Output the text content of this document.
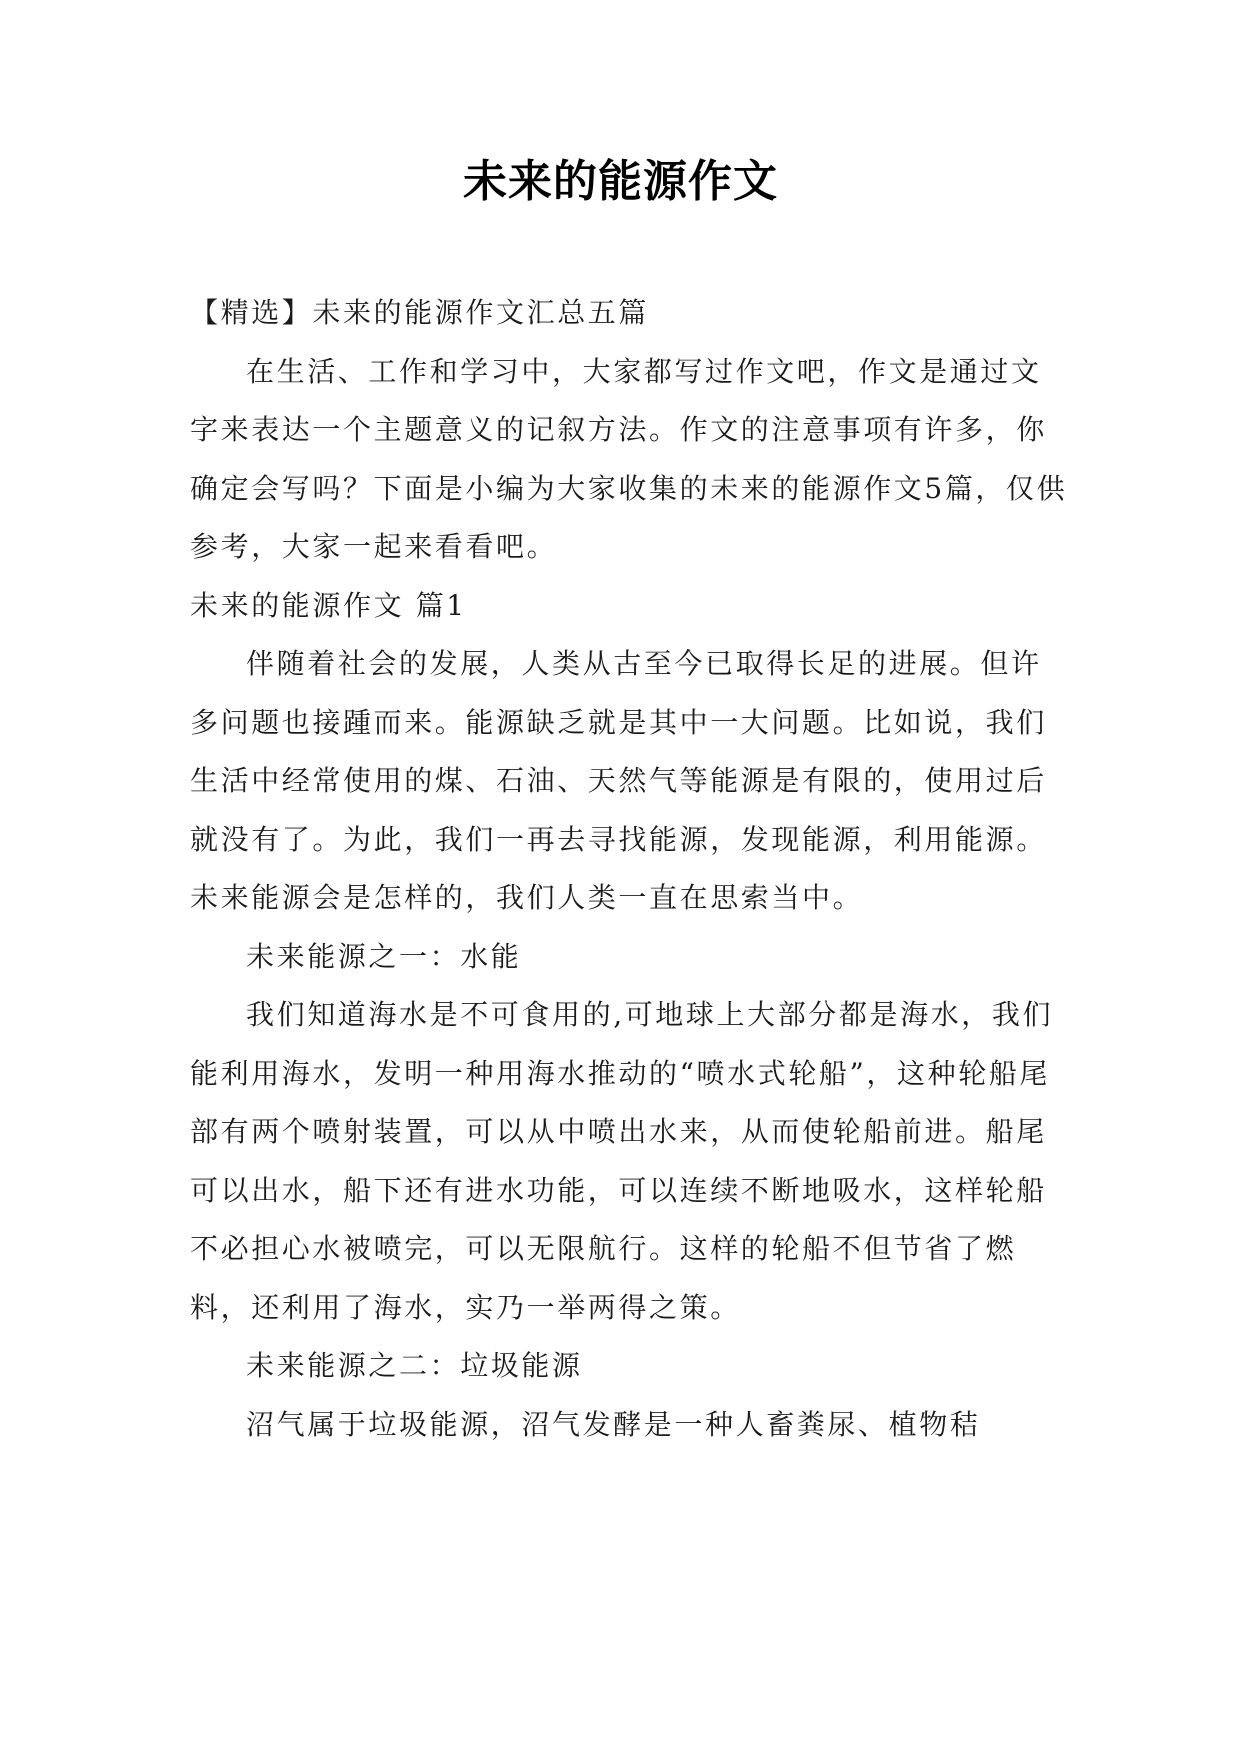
未来的能源作文

【精选】未来的能源作文汇总五篇

在生活、工作和学习中，大家都写过作文吧，作文是通过文字来表达一个主题意义的记叙方法。作文的注意事项有许多，你确定会写吗？下面是小编为大家收集的未来的能源作文5篇，仅供参考，大家一起来看看吧。

未来的能源作文 篇1

伴随着社会的发展，人类从古至今已取得长足的进展。但许多问题也接踵而来。能源缺乏就是其中一大问题。比如说，我们生活中经常使用的煤、石油、天然气等能源是有限的，使用过后就没有了。为此，我们一再去寻找能源，发现能源，利用能源。未来能源会是怎样的，我们人类一直在思索当中。

未来能源之一：水能

我们知道海水是不可食用的,可地球上大部分都是海水，我们能利用海水，发明一种用海水推动的“喷水式轮船”，这种轮船尾部有两个喷射装置，可以从中喷出水来，从而使轮船前进。船尾可以出水，船下还有进水功能，可以连续不断地吸水，这样轮船不必担心水被喷完，可以无限航行。这样的轮船不但节省了燃料，还利用了海水，实乃一举两得之策。

未来能源之二：垃圾能源

沼气属于垃圾能源，沼气发酵是一种人畜粪尿、植物秸
